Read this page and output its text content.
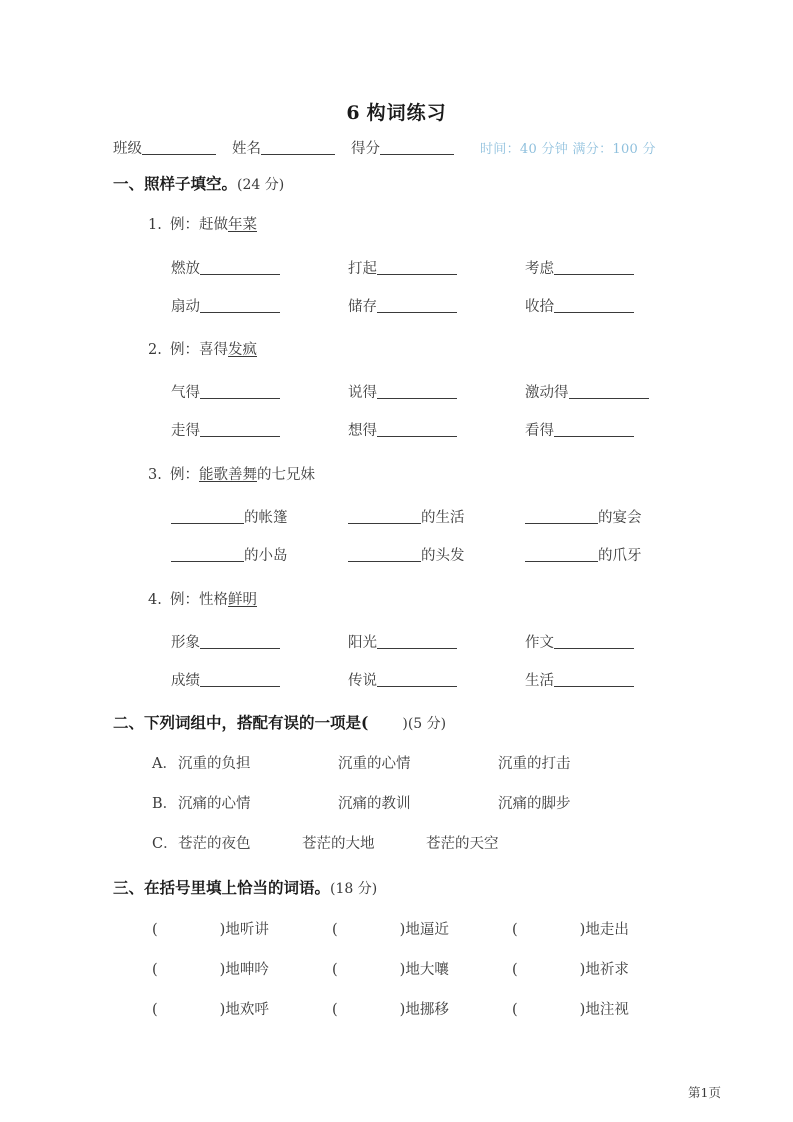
6 构词练习
班级	姓名	得分	时间：40 分钟 满分：100 分
一、照样子填空。(24 分)
1. 例：赶做年菜
燃放	打起	考虑
扇动	储存	收拾
2. 例：喜得发疯
气得	说得	激动得
走得	想得	看得
3. 例：能歌善舞的七兄妹
的帐篷	的生活	的宴会
的小岛	的头发	的爪牙
4. 例：性格鲜明
形象	阳光	作文
成绩	传说	生活
二、下列词组中，搭配有误的一项是( )(5 分)
A．沉重的负担	沉重的心情	沉重的打击
B．沉痛的心情	沉痛的教训	沉痛的脚步
C．苍茫的夜色	苍茫的大地	苍茫的天空
三、在括号里填上恰当的词语。(18 分)
(	)地听讲	(	)地逼近	(	)地走出
(	)地呻吟	(	)地大嚷	(	)地祈求
(	)地欢呼	(	)地挪移	(	)地注视
第1页
